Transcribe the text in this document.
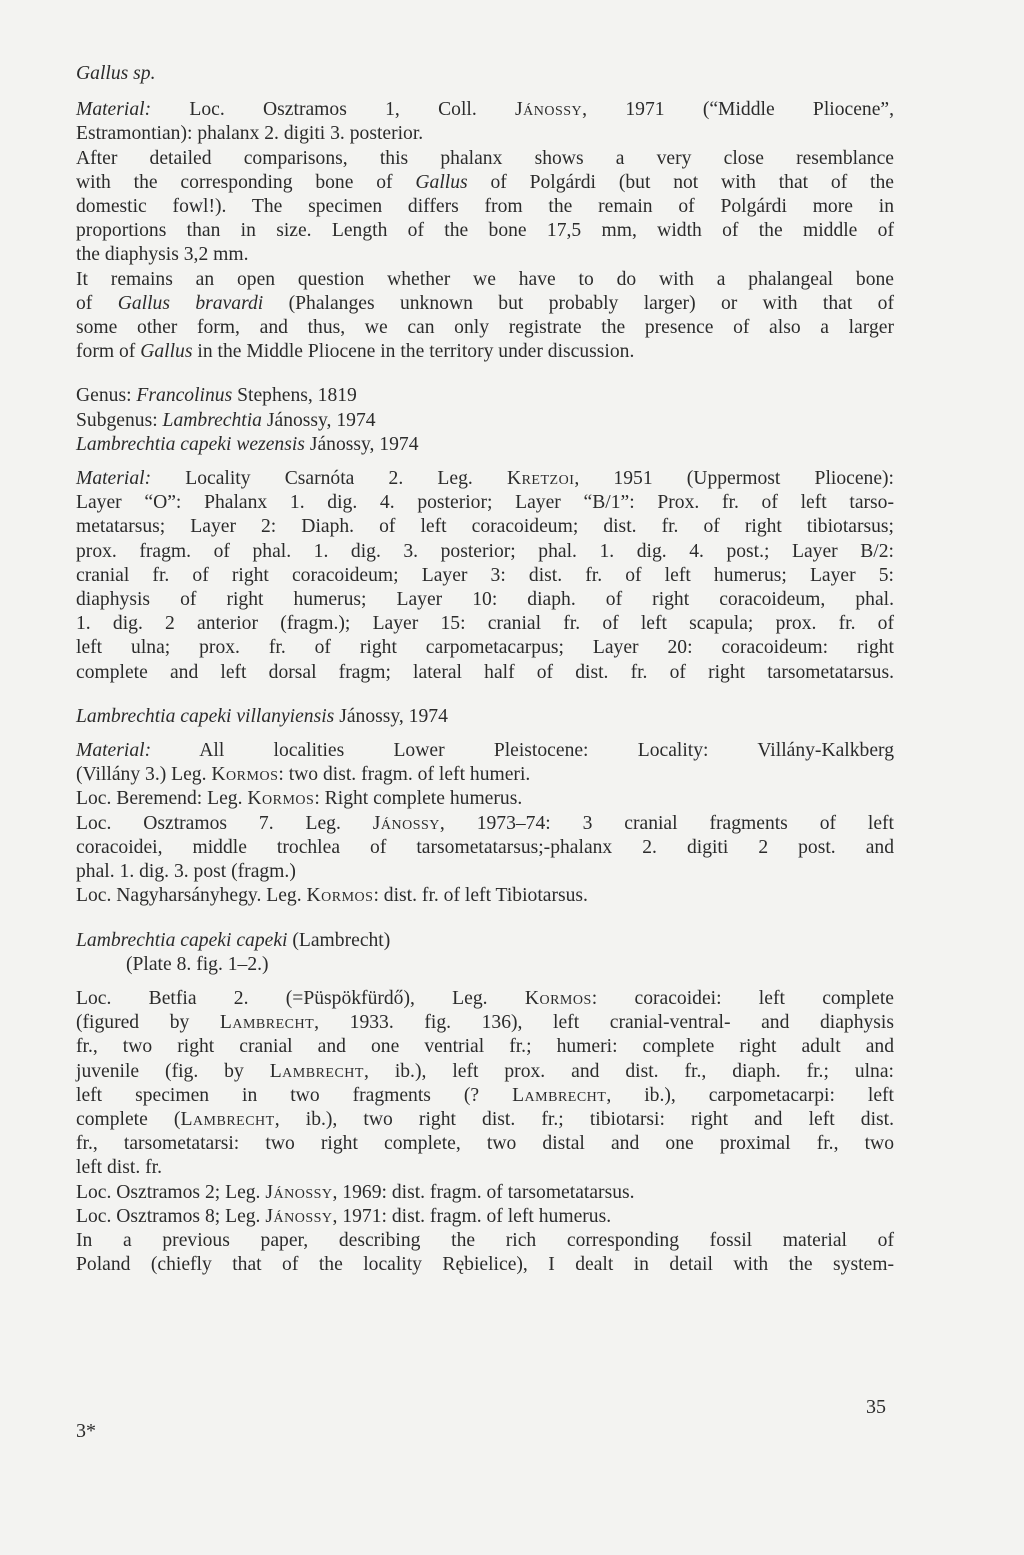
Gallus sp.
Material: Loc. Osztramos 1, Coll. Jánossy, 1971 (“Middle Pliocene”,
Estramontian): phalanx 2. digiti 3. posterior.
After detailed comparisons, this phalanx shows a very close resemblance
with the corresponding bone of Gallus of Polgárdi (but not with that of the
domestic fowl!). The specimen differs from the remain of Polgárdi more in
proportions than in size. Length of the bone 17,5 mm, width of the middle of
the diaphysis 3,2 mm.
It remains an open question whether we have to do with a phalangeal bone
of Gallus bravardi (Phalanges unknown but probably larger) or with that of
some other form, and thus, we can only registrate the presence of also a larger
form of Gallus in the Middle Pliocene in the territory under discussion.
Genus: Francolinus Stephens, 1819
Subgenus: Lambrechtia Jánossy, 1974
Lambrechtia capeki wezensis Jánossy, 1974
Material: Locality Csarnóta 2. Leg. Kretzoi, 1951 (Uppermost Pliocene):
Layer “O”: Phalanx 1. dig. 4. posterior; Layer “B/1”: Prox. fr. of left tarso-
metatarsus; Layer 2: Diaph. of left coracoideum; dist. fr. of right tibiotarsus;
prox. fragm. of phal. 1. dig. 3. posterior; phal. 1. dig. 4. post.; Layer B/2:
cranial fr. of right coracoideum; Layer 3: dist. fr. of left humerus; Layer 5:
diaphysis of right humerus; Layer 10: diaph. of right coracoideum, phal.
1. dig. 2 anterior (fragm.); Layer 15: cranial fr. of left scapula; prox. fr. of
left ulna; prox. fr. of right carpometacarpus; Layer 20: coracoideum: right
complete and left dorsal fragm; lateral half of dist. fr. of right tarsometatarsus.
Lambrechtia capeki villanyiensis Jánossy, 1974
Material: All localities Lower Pleistocene: Locality: Villány-Kalkberg
(Villány 3.) Leg. Kormos: two dist. fragm. of left humeri.
Loc. Beremend: Leg. Kormos: Right complete humerus.
Loc. Osztramos 7. Leg. Jánossy, 1973–74: 3 cranial fragments of left
coracoidei, middle trochlea of tarsometatarsus;-phalanx 2. digiti 2 post. and
phal. 1. dig. 3. post (fragm.)
Loc. Nagyharsányhegy. Leg. Kormos: dist. fr. of left Tibiotarsus.
Lambrechtia capeki capeki (Lambrecht)
(Plate 8. fig. 1–2.)
Loc. Betfia 2. (=Püspökfürdő), Leg. Kormos: coracoidei: left complete
(figured by Lambrecht, 1933. fig. 136), left cranial-ventral- and diaphysis
fr., two right cranial and one ventrial fr.; humeri: complete right adult and
juvenile (fig. by Lambrecht, ib.), left prox. and dist. fr., diaph. fr.; ulna:
left specimen in two fragments (? Lambrecht, ib.), carpometacarpi: left
complete (Lambrecht, ib.), two right dist. fr.; tibiotarsi: right and left dist.
fr., tarsometatarsi: two right complete, two distal and one proximal fr., two
left dist. fr.
Loc. Osztramos 2; Leg. Jánossy, 1969: dist. fragm. of tarsometatarsus.
Loc. Osztramos 8; Leg. Jánossy, 1971: dist. fragm. of left humerus.
In a previous paper, describing the rich corresponding fossil material of
Poland (chiefly that of the locality Rębielice), I dealt in detail with the system-
35
3*
